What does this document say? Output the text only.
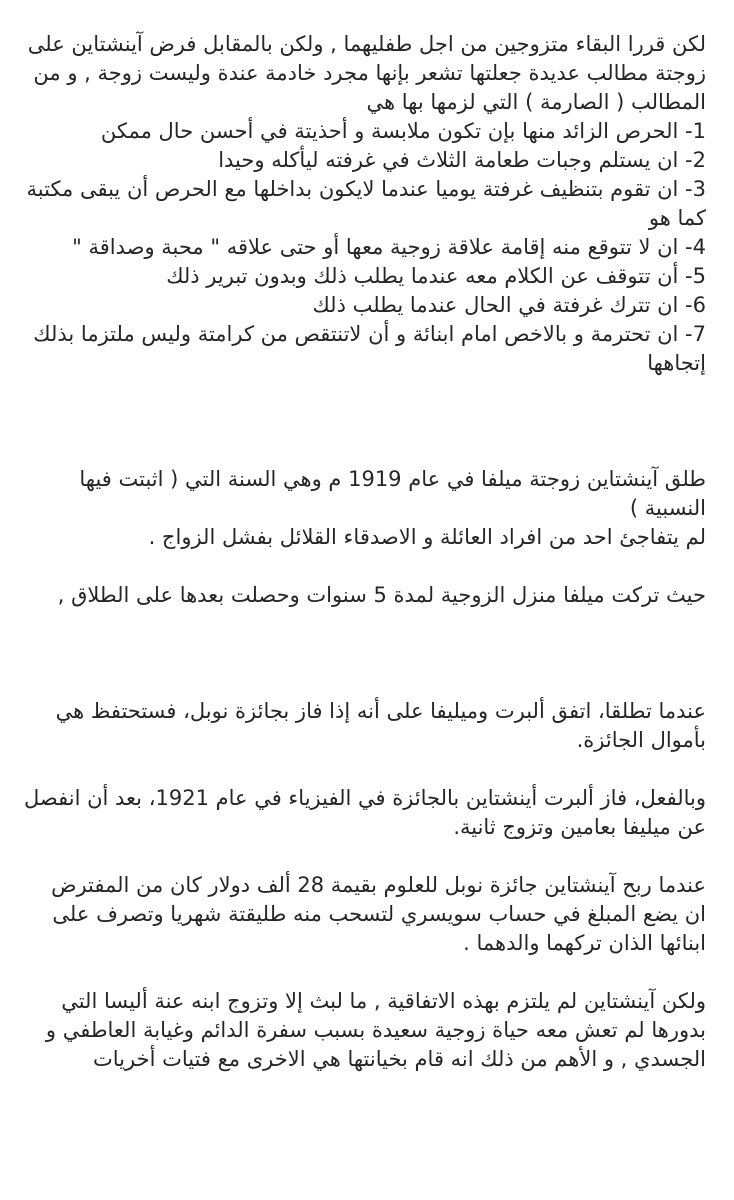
لكن قررا البقاء متزوجين من اجل طفليهما , ولكن بالمقابل فرض آينشتاين على زوجتة مطالب عديدة جعلتها تشعر بإنها مجرد خادمة عندة وليست زوجة , و من المطالب ( الصارمة ) التي لزمها بها هي

1- الحرص الزائد منها بإن تكون ملابسة و أحذيتة في أحسن حال ممكن

2- ان يستلم وجبات طعامة الثلاث في غرفته ليأكله وحيدا

3- ان تقوم بتنظيف غرفتة يوميا عندما لايكون بداخلها مع الحرص أن يبقى مكتبة كما هو

4- ان لا تتوقع منه إقامة علاقة زوجية معها أو حتى علاقه " محبة وصداقة "

5- أن تتوقف عن الكلام معه عندما يطلب ذلك وبدون تبرير ذلك

6- ان تترك غرفتة في الحال عندما يطلب ذلك

7- ان تحترمة و بالاخص امام ابنائة و أن لاتنتقص من كرامتة وليس ملتزما بذلك إتجاهها

طلق آينشتاين زوجتة ميلفا في عام 1919 م وهي السنة التي ( اثبتت فيها النسبية )

لم يتفاجئ احد من افراد العائلة و الاصدقاء القلائل بفشل الزواج .

حيث تركت ميلفا منزل الزوجية لمدة 5 سنوات وحصلت بعدها على الطلاق ,

عندما تطلقا، اتفق ألبرت وميليفا على أنه إذا فاز بجائزة نوبل، فستحتفظ هي بأموال الجائزة.

وبالفعل، فاز ألبرت أينشتاين بالجائزة في الفيزياء في عام 1921، بعد أن انفصل عن ميليفا بعامين وتزوج ثانية.

عندما ربح آينشتاين جائزة نوبل للعلوم بقيمة 28 ألف دولار كان من المفترض ان يضع المبلغ في حساب سويسري لتسحب منه طليقتة شهريا وتصرف على ابنائها الذان تركهما والدهما .

ولكن آينشتاين لم يلتزم بهذه الاتفاقية , ما لبث إلا وتزوج ابنه عنة أليسا التي بدورها لم تعش معه حياة زوجية سعيدة بسبب سفرة الدائم وغيابة العاطفي و الجسدي , و الأهم من ذلك انه قام بخيانتها هي الاخرى مع فتيات أخريات
